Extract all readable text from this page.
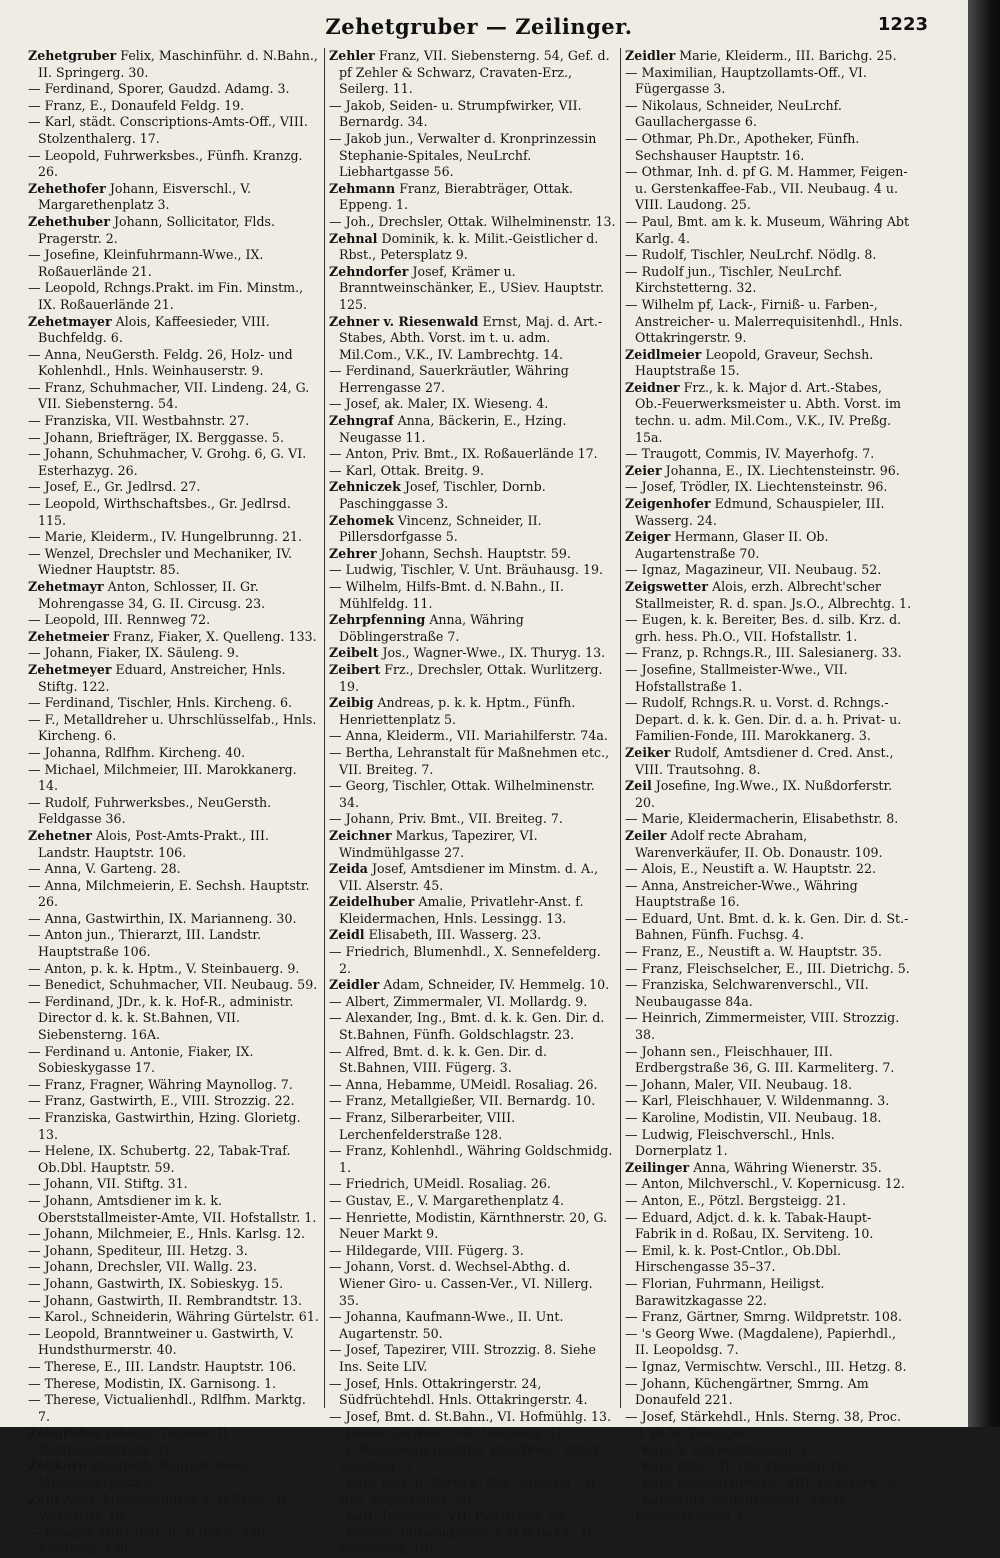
Zehetgruber — Zeilinger.	1223

Zehetgruber Felix, Maschinführ. d. N.Bahn., II. Springerg. 30.

— Ferdinand, Sporer, Gaudzd. Adamg. 3.

— Franz, E., Donaufeld Feldg. 19.

— Karl, städt. Conscriptions-Amts-Off., VIII. Stolzenthalerg. 17.

— Leopold, Fuhrwerksbes., Fünfh. Kranzg. 26.

Zehethofer Johann, Eisverschl., V. Margarethenplatz 3.

Zehethuber Johann, Sollicitator, Flds. Pragerstr. 2.

— Josefine, Kleinfuhrmann-Wwe., IX. Roßauerlände 21.

— Leopold, Rchngs.Prakt. im Fin. Minstm., IX. Roßauerlände 21.

Zehetmayer Alois, Kaffeesieder, VIII. Buchfeldg. 6.

— Anna, NeuGersth. Feldg. 26, Holz- und Kohlenhdl., Hnls. Weinhauserstr. 9.

— Franz, Schuhmacher, VII. Lindeng. 24, G. VII. Siebensterng. 54.

— Franziska, VII. Westbahnstr. 27.

— Johann, Briefträger, IX. Berggasse. 5.

— Johann, Schuhmacher, V. Grohg. 6, G. VI. Esterhazyg. 26.

— Josef, E., Gr. Jedlrsd. 27.

— Leopold, Wirthschaftsbes., Gr. Jedlrsd. 115.

— Marie, Kleiderm., IV. Hungelbrunng. 21.

— Wenzel, Drechsler und Mechaniker, IV. Wiedner Hauptstr. 85.

Zehetmayr Anton, Schlosser, II. Gr. Mohrengasse 34, G. II. Circusg. 23.

— Leopold, III. Rennweg 72.

Zehetmeier Franz, Fiaker, X. Quelleng. 133.

— Johann, Fiaker, IX. Säuleng. 9.

Zehetmeyer Eduard, Anstreicher, Hnls. Stiftg. 122.

— Ferdinand, Tischler, Hnls. Kircheng. 6.

— F., Metalldreher u. Uhrschlüsselfab., Hnls. Kircheng. 6.

— Johanna, Rdlfhm. Kircheng. 40.

— Michael, Milchmeier, III. Marokkanerg. 14.

— Rudolf, Fuhrwerksbes., NeuGersth. Feldgasse 36.

Zehetner Alois, Post-Amts-Prakt., III. Landstr. Hauptstr. 106.

— Anna, V. Garteng. 28.

— Anna, Milchmeierin, E. Sechsh. Hauptstr. 26.

— Anna, Gastwirthin, IX. Marianneng. 30.

— Anton jun., Thierarzt, III. Landstr. Hauptstraße 106.

— Anton, p. k. k. Hptm., V. Steinbauerg. 9.

— Benedict, Schuhmacher, VII. Neubaug. 59.

— Ferdinand, JDr., k. k. Hof-R., administr. Director d. k. k. St.Bahnen, VII. Siebensterng. 16A.

— Ferdinand u. Antonie, Fiaker, IX. Sobieskygasse 17.

— Franz, Fragner, Währing Maynollog. 7.

— Franz, Gastwirth, E., VIII. Strozzig. 22.

— Franziska, Gastwirthin, Hzing. Glorietg. 13.

— Helene, IX. Schubertg. 22, Tabak-Traf. Ob.Dbl. Hauptstr. 59.

— Johann, VII. Stiftg. 31.

— Johann, Amtsdiener im k. k. Oberststallmeister-Amte, VII. Hofstallstr. 1.

— Johann, Milchmeier, E., Hnls. Karlsg. 12.

— Johann, Spediteur, III. Hetzg. 3.

— Johann, Drechsler, VII. Wallg. 23.

— Johann, Gastwirth, IX. Sobieskyg. 15.

— Johann, Gastwirth, II. Rembrandtstr. 13.

— Karol., Schneiderin, Währing Gürtelstr. 61.

— Leopold, Branntweiner u. Gastwirth, V. Hundsthurmerstr. 40.

— Therese, E., III. Landstr. Hauptstr. 106.

— Therese, Modistin, IX. Garnisong. 1.

— Therese, Victualienhdl., Rdlfhm. Marktg. 7.

Zehgruber Johann, Tischler, II. Rembrandtstraße 31.

Zehkorn Elisabeth, Regrs.R.Wwe., Mrichaelerplatz 6.

Zehl Alois, Maschinführer d. N.Bahn., II. Volkertstr. 19.

— Eduard, Hilfs-Bmt. d. N.Bahn., Jdlf. Kircheng. 130.

Zehler Franz, VII. Siebensterng. 54, Gef. d. pf Zehler & Schwarz, Cravaten-Erz., Seilerg. 11.

— Jakob, Seiden- u. Strumpfwirker, VII. Bernardg. 34.

— Jakob jun., Verwalter d. Kronprinzessin Stephanie-Spitales, NeuLrchf. Liebhartgasse 56.

Zehmann Franz, Bierabträger, Ottak. Eppeng. 1.

— Joh., Drechsler, Ottak. Wilhelminenstr. 13.

Zehnal Dominik, k. k. Milit.-Geistlicher d. Rbst., Petersplatz 9.

Zehndorfer Josef, Krämer u. Branntweinschänker, E., USiev. Hauptstr. 125.

Zehner v. Riesenwald Ernst, Maj. d. Art.-Stabes, Abth. Vorst. im t. u. adm. Mil.Com., V.K., IV. Lambrechtg. 14.

— Ferdinand, Sauerkräutler, Währing Herrengasse 27.

— Josef, ak. Maler, IX. Wieseng. 4.

Zehngraf Anna, Bäckerin, E., Hzing. Neugasse 11.

— Anton, Priv. Bmt., IX. Roßauerlände 17.

— Karl, Ottak. Breitg. 9.

Zehniczek Josef, Tischler, Dornb. Paschinggasse 3.

Zehomek Vincenz, Schneider, II. Pillersdorfgasse 5.

Zehrer Johann, Sechsh. Hauptstr. 59.

— Ludwig, Tischler, V. Unt. Bräuhausg. 19.

— Wilhelm, Hilfs-Bmt. d. N.Bahn., II. Mühlfeldg. 11.

Zehrpfenning Anna, Währing Döblingerstraße 7.

Zeibelt Jos., Wagner-Wwe., IX. Thuryg. 13.

Zeibert Frz., Drechsler, Ottak. Wurlitzerg. 19.

Zeibig Andreas, p. k. k. Hptm., Fünfh. Henriettenplatz 5.

— Anna, Kleiderm., VII. Mariahilferstr. 74a.

— Bertha, Lehranstalt für Maßnehmen etc., VII. Breiteg. 7.

— Georg, Tischler, Ottak. Wilhelminenstr. 34.

— Johann, Priv. Bmt., VII. Breiteg. 7.

Zeichner Markus, Tapezirer, VI. Windmühlgasse 27.

Zeida Josef, Amtsdiener im Minstm. d. A., VII. Alserstr. 45.

Zeidelhuber Amalie, Privatlehr-Anst. f. Kleidermachen, Hnls. Lessingg. 13.

Zeidl Elisabeth, III. Wasserg. 23.

— Friedrich, Blumenhdl., X. Sennefelderg. 2.

Zeidler Adam, Schneider, IV. Hemmelg. 10.

— Albert, Zimmermaler, VI. Mollardg. 9.

— Alexander, Ing., Bmt. d. k. k. Gen. Dir. d. St.Bahnen, Fünfh. Goldschlagstr. 23.

— Alfred, Bmt. d. k. k. Gen. Dir. d. St.Bahnen, VIII. Fügerg. 3.

— Anna, Hebamme, UMeidl. Rosaliag. 26.

— Franz, Metallgießer, VII. Bernardg. 10.

— Franz, Silberarbeiter, VIII. Lerchenfelderstraße 128.

— Franz, Kohlenhdl., Währing Goldschmidg. 1.

— Friedrich, UMeidl. Rosaliag. 26.

— Gustav, E., V. Margarethenplatz 4.

— Henriette, Modistin, Kärnthnerstr. 20, G. Neuer Markt 9.

— Hildegarde, VIII. Fügerg. 3.

— Johann, Vorst. d. Wechsel-Abthg. d. Wiener Giro- u. Cassen-Ver., VI. Nillerg. 35.

— Johanna, Kaufmann-Wwe., II. Unt. Augartenstr. 50.

— Josef, Tapezirer, VIII. Strozzig. 8. Siehe Ins. Seite LIV.

— Josef, Hnls. Ottakringerstr. 24, Südfrüchtehdl. Hnls. Ottakringerstr. 4.

— Josef, Bmt. d. St.Bahn., VI. Hofmühlg. 13.

— Josefa, Dr.Wwe., VII. Neubaug. 43.

— v. Rosenberg Josefine, Bmt.Wwe., Ottak. Laudong. 3.

— Karl, Bmt. d. Versich. Ges. „Austria“, II. Unt. Augartenstr. 50.

— Karl, Tapezirer, VII. Piaristeng. 23.

— Konrad, Bureaudiener d. N.W.Bahn., II. Scherzerg. 10.

Zeidler Marie, Kleiderm., III. Barichg. 25.

— Maximilian, Hauptzollamts-Off., VI. Fügergasse 3.

— Nikolaus, Schneider, NeuLrchf. Gaullachergasse 6.

— Othmar, Ph.Dr., Apotheker, Fünfh. Sechshauser Hauptstr. 16.

— Othmar, Inh. d. pf G. M. Hammer, Feigen- u. Gerstenkaffee-Fab., VII. Neubaug. 4 u. VIII. Laudong. 25.

— Paul, Bmt. am k. k. Museum, Währing Abt Karlg. 4.

— Rudolf, Tischler, NeuLrchf. Nödlg. 8.

— Rudolf jun., Tischler, NeuLrchf. Kirchstetterng. 32.

— Wilhelm pf, Lack-, Firniß- u. Farben-, Anstreicher- u. Malerrequisitenhdl., Hnls. Ottakringerstr. 9.

Zeidlmeier Leopold, Graveur, Sechsh. Hauptstraße 15.

Zeidner Frz., k. k. Major d. Art.-Stabes, Ob.-Feuerwerksmeister u. Abth. Vorst. im techn. u. adm. Mil.Com., V.K., IV. Preßg. 15a.

— Traugott, Commis, IV. Mayerhofg. 7.

Zeier Johanna, E., IX. Liechtensteinstr. 96.

— Josef, Trödler, IX. Liechtensteinstr. 96.

Zeigenhofer Edmund, Schauspieler, III. Wasserg. 24.

Zeiger Hermann, Glaser II. Ob. Augartenstraße 70.

— Ignaz, Magazineur, VII. Neubaug. 52.

Zeigswetter Alois, erzh. Albrecht'scher Stallmeister, R. d. span. Js.O., Albrechtg. 1.

— Eugen, k. k. Bereiter, Bes. d. silb. Krz. d. grh. hess. Ph.O., VII. Hofstallstr. 1.

— Franz, p. Rchngs.R., III. Salesianerg. 33.

— Josefine, Stallmeister-Wwe., VII. Hofstallstraße 1.

— Rudolf, Rchngs.R. u. Vorst. d. Rchngs.-Depart. d. k. k. Gen. Dir. d. a. h. Privat- u. Familien-Fonde, III. Marokkanerg. 3.

Zeiker Rudolf, Amtsdiener d. Cred. Anst., VIII. Trautsohng. 8.

Zeil Josefine, Ing.Wwe., IX. Nußdorferstr. 20.

— Marie, Kleidermacherin, Elisabethstr. 8.

Zeiler Adolf recte Abraham, Warenverkäufer, II. Ob. Donaustr. 109.

— Alois, E., Neustift a. W. Hauptstr. 22.

— Anna, Anstreicher-Wwe., Währing Hauptstraße 16.

— Eduard, Unt. Bmt. d. k. k. Gen. Dir. d. St.-Bahnen, Fünfh. Fuchsg. 4.

— Franz, E., Neustift a. W. Hauptstr. 35.

— Franz, Fleischselcher, E., III. Dietrichg. 5.

— Franziska, Selchwarenverschl., VII. Neubaugasse 84a.

— Heinrich, Zimmermeister, VIII. Strozzig. 38.

— Johann sen., Fleischhauer, III. Erdbergstraße 36, G. III. Karmeliterg. 7.

— Johann, Maler, VII. Neubaug. 18.

— Karl, Fleischhauer, V. Wildenmanng. 3.

— Karoline, Modistin, VII. Neubaug. 18.

— Ludwig, Fleischverschl., Hnls. Dornerplatz 1.

Zeilinger Anna, Währing Wienerstr. 35.

— Anton, Milchverschl., V. Kopernicusg. 12.

— Anton, E., Pötzl. Bergsteigg. 21.

— Eduard, Adjct. d. k. k. Tabak-Haupt-Fabrik in d. Roßau, IX. Serviteng. 10.

— Emil, k. k. Post-Cntlor., Ob.Dbl. Hirschengasse 35–37.

— Florian, Fuhrmann, Heiligst. Barawitzkagasse 22.

— Franz, Gärtner, Smrng. Wildpretstr. 108.

— 's Georg Wwe. (Magdalene), Papierhdl., II. Leopoldsg. 7.

— Ignaz, Vermischtw. Verschl., III. Hetzg. 8.

— Johann, Küchengärtner, Smrng. Am Donaufeld 221.

— Josef, Stärkehdl., Hnls. Sterng. 38, Proc. d. pf M. Zeilinger.

— Karl, V. Schwarzhornng. 2.

— Karl, Bmt., III. Ob. Viaductg. 26.

— Karl, Postamts-Prakt., VIII. Ledererg. 5.

— Katharina, Seifenverschl., Ottak. Elisabethgasse 3.
